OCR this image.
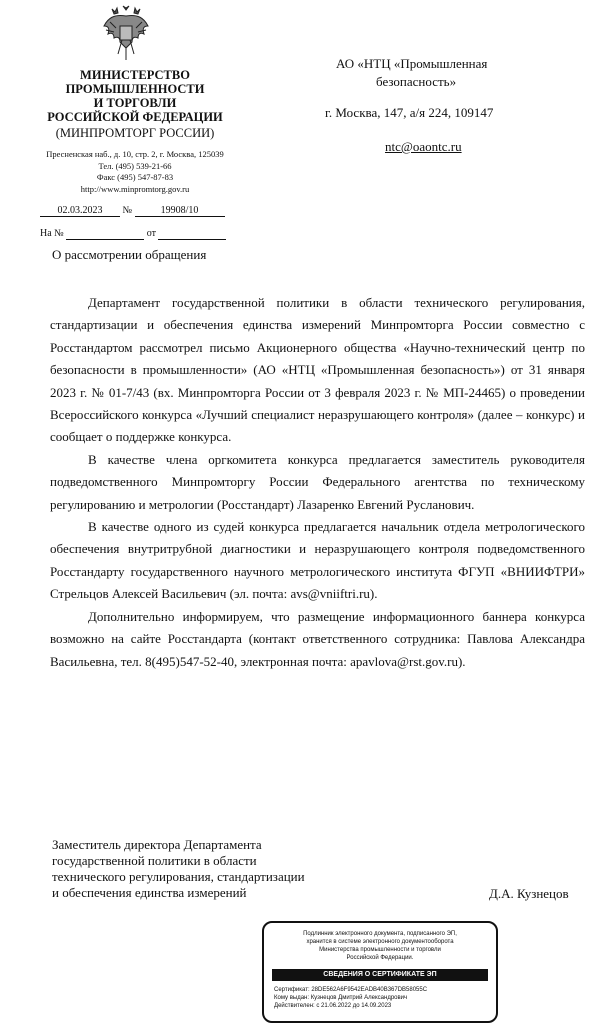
МИНИСТЕРСТВО
ПРОМЫШЛЕННОСТИ
И ТОРГОВЛИ
РОССИЙСКОЙ ФЕДЕРАЦИИ
(МИНПРОМТОРГ РОССИИ)
Пресненская наб., д. 10, стр. 2, г. Москва, 125039
Тел. (495) 539-21-66
Факс (495) 547-87-83
http://www.minpromtorg.gov.ru
02.03.2023 №	19908/10
На №	от
АО «НТЦ «Промышленная
безопасность»
г. Москва, 147, а/я 224, 109147
ntc@oaontc.ru
О рассмотрении обращения

Департамент государственной политики в области технического регулирования, стандартизации и обеспечения единства измерений Минпромторга России совместно с Росстандартом рассмотрел письмо Акционерного общества «Научно-технический центр по безопасности в промышленности» (АО «НТЦ «Промышленная безопасность») от 31 января 2023 г. № 01-7/43 (вх. Минпромторга России от 3 февраля 2023 г. № МП-24465) о проведении Всероссийского конкурса «Лучший специалист неразрушающего контроля» (далее – конкурс) и сообщает о поддержке конкурса.

В качестве члена оргкомитета конкурса предлагается заместитель руководителя подведомственного Минпромторгу России Федерального агентства по техническому регулированию и метрологии (Росстандарт) Лазаренко Евгений Русланович.

В качестве одного из судей конкурса предлагается начальник отдела метрологического обеспечения внутритрубной диагностики и неразрушающего контроля подведомственного Росстандарту государственного научного метрологического института ФГУП «ВНИИФТРИ» Стрельцов Алексей Васильевич (эл. почта: avs@vniiftri.ru).

Дополнительно информируем, что размещение информационного баннера конкурса возможно на сайте Росстандарта (контакт ответственного сотрудника: Павлова Александра Васильевна, тел. 8(495)547-52-40, электронная почта: apavlova@rst.gov.ru).

Заместитель директора Департамента
государственной политики в области
технического регулирования, стандартизации
и обеспечения единства измерений	Д.А. Кузнецов
Подлинник электронного документа, подписанного ЭП,
хранится в системе электронного документооборота
Министерства промышленности и торговли
Российской Федерации.
СВЕДЕНИЯ О СЕРТИФИКАТЕ ЭП
Сертификат: 28DE562A6F9542EADB40B367DB58055C
Кому выдан: Кузнецов Дмитрий Александрович
Действителен: с 21.06.2022 до 14.09.2023
